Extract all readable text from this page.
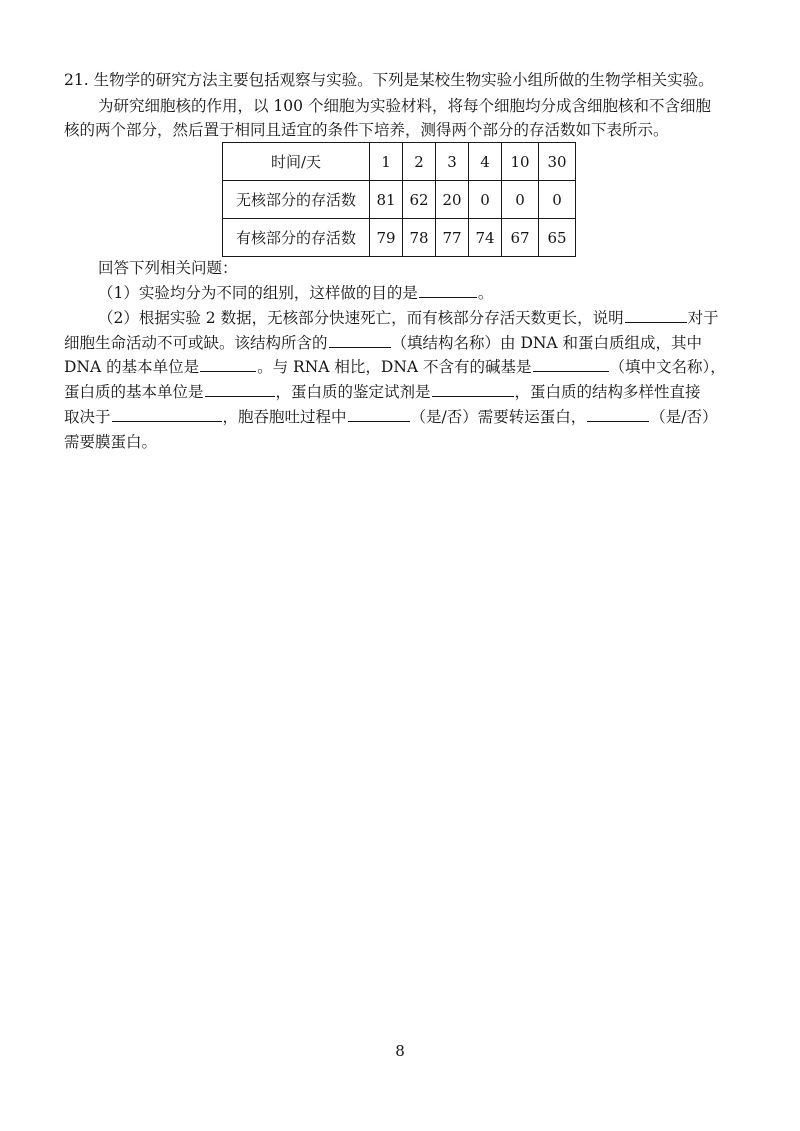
21. 生物学的研究方法主要包括观察与实验。下列是某校生物实验小组所做的生物学相关实验。
为研究细胞核的作用，以 100 个细胞为实验材料，将每个细胞均分成含细胞核和不含细胞
核的两个部分，然后置于相同且适宜的条件下培养，测得两个部分的存活数如下表所示。
时间/天	1	2	3	4	10	30
无核部分的存活数	81	62	20	0	0	0
有核部分的存活数	79	78	77	74	67	65
回答下列相关问题：
（1）实验均分为不同的组别，这样做的目的是	。
（2）根据实验 2 数据，无核部分快速死亡，而有核部分存活天数更长，说明	对于
细胞生命活动不可或缺。该结构所含的	（填结构名称）由 DNA 和蛋白质组成，其中
DNA 的基本单位是	。与 RNA 相比，DNA 不含有的碱基是	（填中文名称），
蛋白质的基本单位是	，蛋白质的鉴定试剂是	，蛋白质的结构多样性直接
取决于	，胞吞胞吐过程中	（是/否）需要转运蛋白，	（是/否）
需要膜蛋白。
8
